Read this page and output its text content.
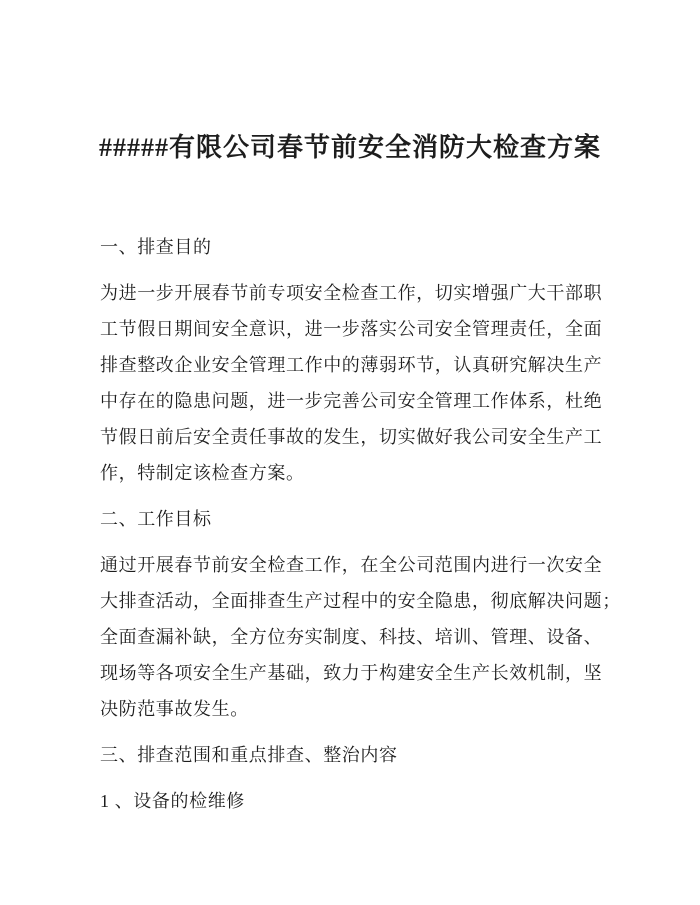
#####有限公司春节前安全消防大检查方案
一、排查目的

为进一步开展春节前专项安全检查工作，切实增强广大干部职
工节假日期间安全意识，进一步落实公司安全管理责任，全面
排查整改企业安全管理工作中的薄弱环节，认真研究解决生产
中存在的隐患问题，进一步完善公司安全管理工作体系，杜绝
节假日前后安全责任事故的发生，切实做好我公司安全生产工
作，特制定该检查方案。

二、工作目标

通过开展春节前安全检查工作，在全公司范围内进行一次安全
大排查活动，全面排查生产过程中的安全隐患，彻底解决问题；
全面查漏补缺，全方位夯实制度、科技、培训、管理、设备、
现场等各项安全生产基础，致力于构建安全生产长效机制，坚
决防范事故发生。

三、排查范围和重点排查、整治内容
1 、设备的检维修
